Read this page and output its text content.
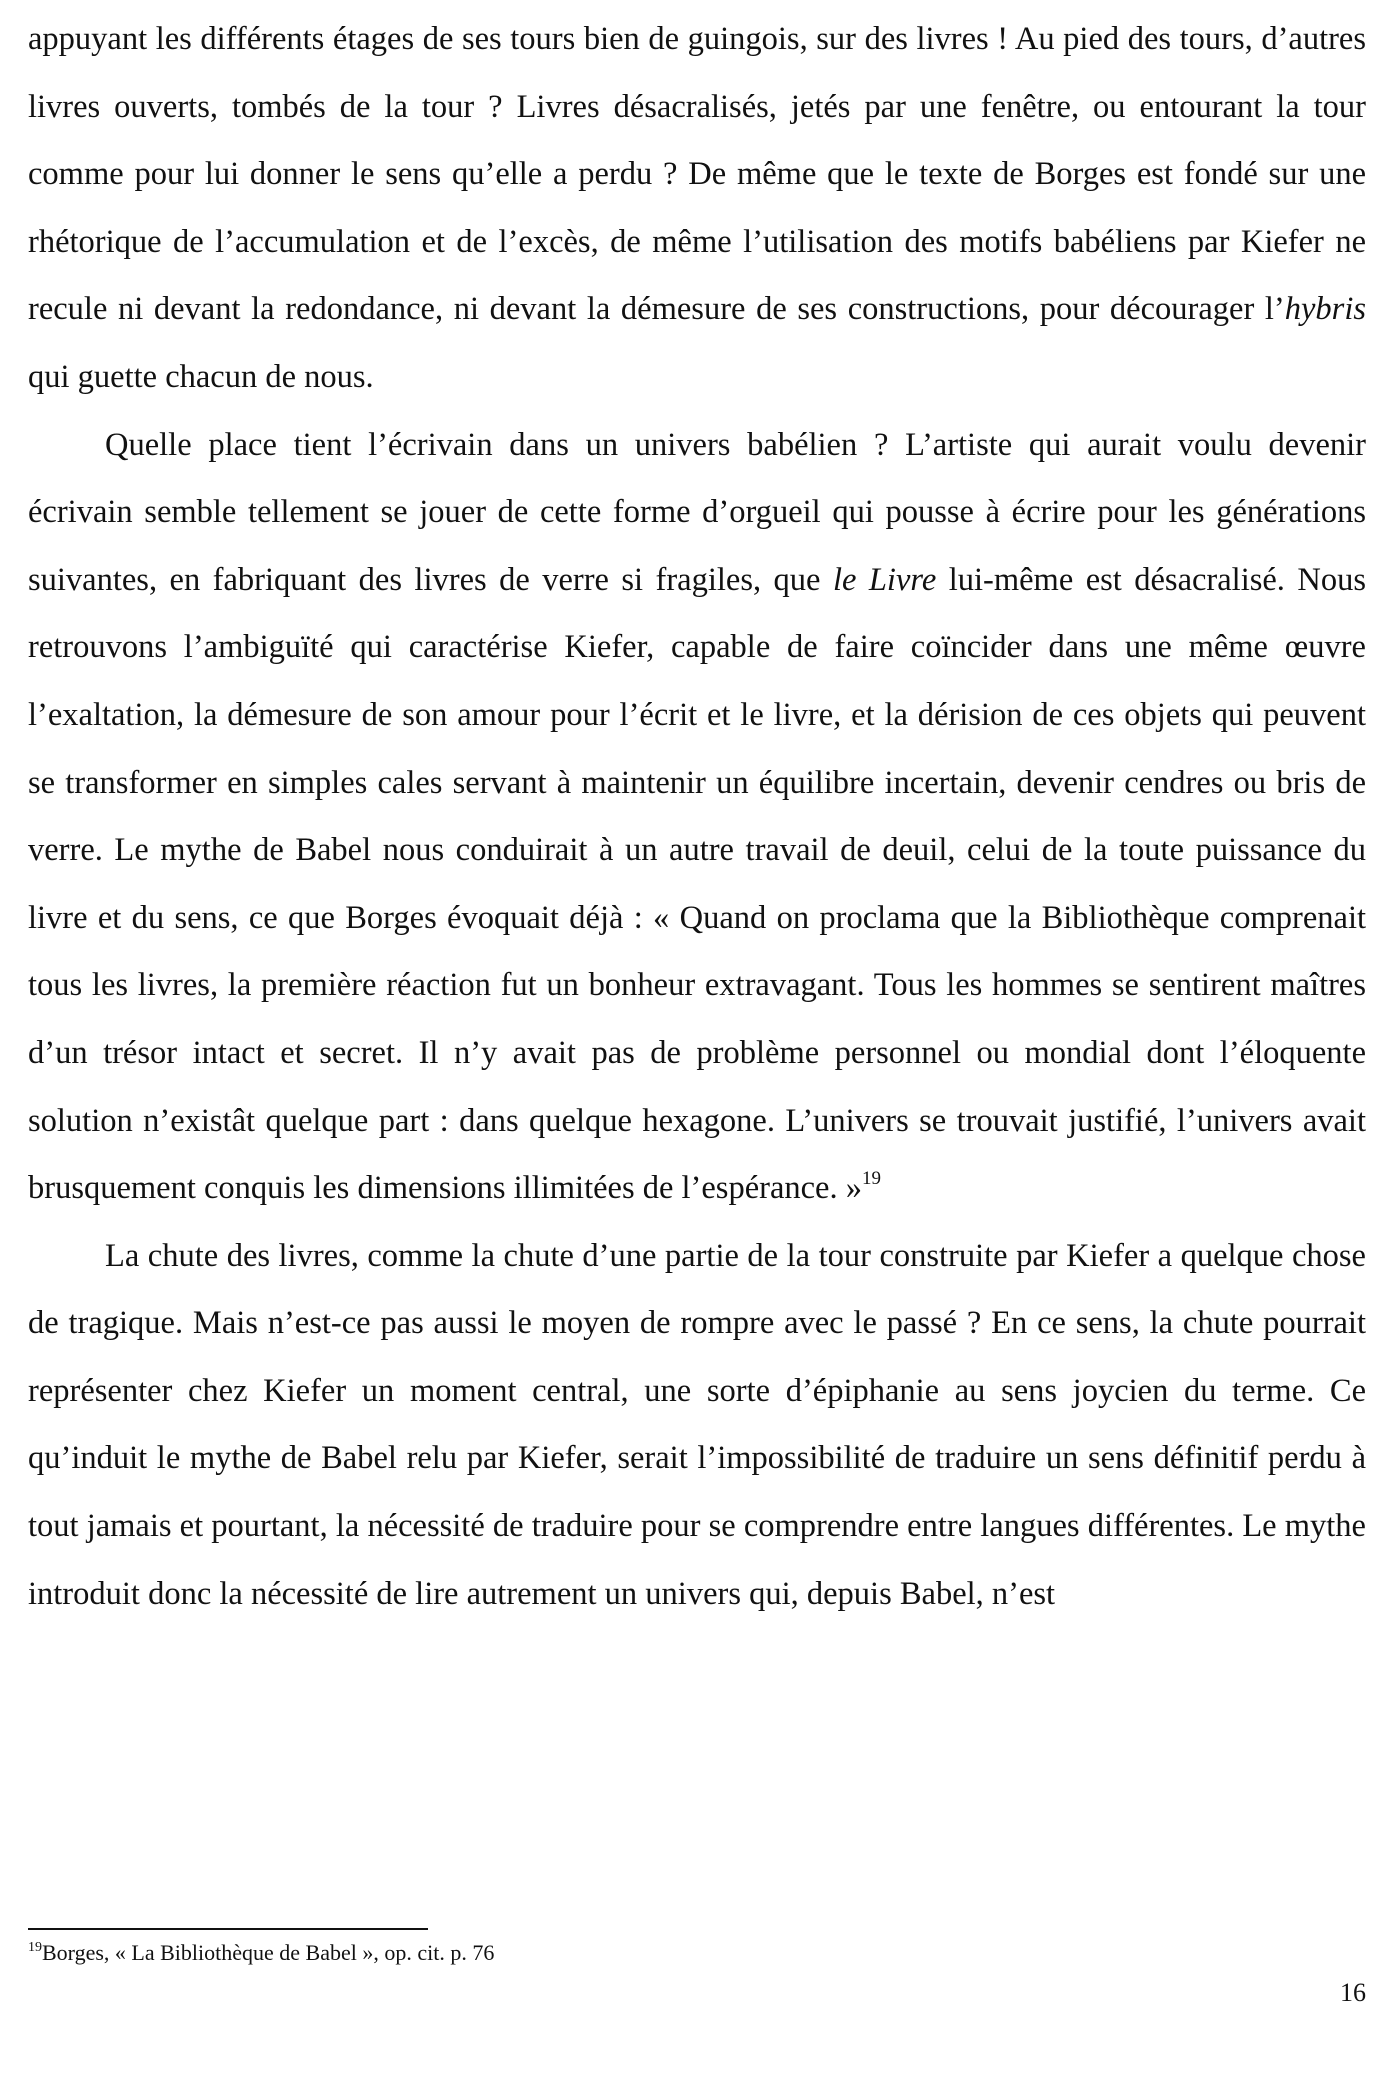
appuyant les différents étages de ses tours bien de guingois, sur des livres ! Au pied des tours, d’autres livres ouverts, tombés de la tour ? Livres désacralisés, jetés par une fenêtre, ou entourant la tour comme pour lui donner le sens qu’elle a perdu ? De même que le texte de Borges est fondé sur une rhétorique de l’accumulation et de l’excès, de même l’utilisation des motifs babéliens par Kiefer ne recule ni devant la redondance, ni devant la démesure de ses constructions, pour décourager l’hybris qui guette chacun de nous.

Quelle place tient l’écrivain dans un univers babélien ? L’artiste qui aurait voulu devenir écrivain semble tellement se jouer de cette forme d’orgueil qui pousse à écrire pour les générations suivantes, en fabriquant des livres de verre si fragiles, que le Livre lui-même est désacralisé. Nous retrouvons l’ambiguïté qui caractérise Kiefer, capable de faire coïncider dans une même œuvre l’exaltation, la démesure de son amour pour l’écrit et le livre, et la dérision de ces objets qui peuvent se transformer en simples cales servant à maintenir un équilibre incertain, devenir cendres ou bris de verre. Le mythe de Babel nous conduirait à un autre travail de deuil, celui de la toute puissance du livre et du sens, ce que Borges évoquait déjà : « Quand on proclama que la Bibliothèque comprenait tous les livres, la première réaction fut un bonheur extravagant. Tous les hommes se sentirent maîtres d’un trésor intact et secret. Il n’y avait pas de problème personnel ou mondial dont l’éloquente solution n’existât quelque part : dans quelque hexagone. L’univers se trouvait justifié, l’univers avait brusquement conquis les dimensions illimitées de l’espérance. »$^{19}$

La chute des livres, comme la chute d’une partie de la tour construite par Kiefer a quelque chose de tragique. Mais n’est-ce pas aussi le moyen de rompre avec le passé ? En ce sens, la chute pourrait représenter chez Kiefer un moment central, une sorte d’épiphanie au sens joycien du terme. Ce qu’induit le mythe de Babel relu par Kiefer, serait l’impossibilité de traduire un sens définitif perdu à tout jamais et pourtant, la nécessité de traduire pour se comprendre entre langues différentes. Le mythe introduit donc la nécessité de lire autrement un univers qui, depuis Babel, n’est

$^{19}$Borges, « La Bibliothèque de Babel », op. cit. p. 76
16
